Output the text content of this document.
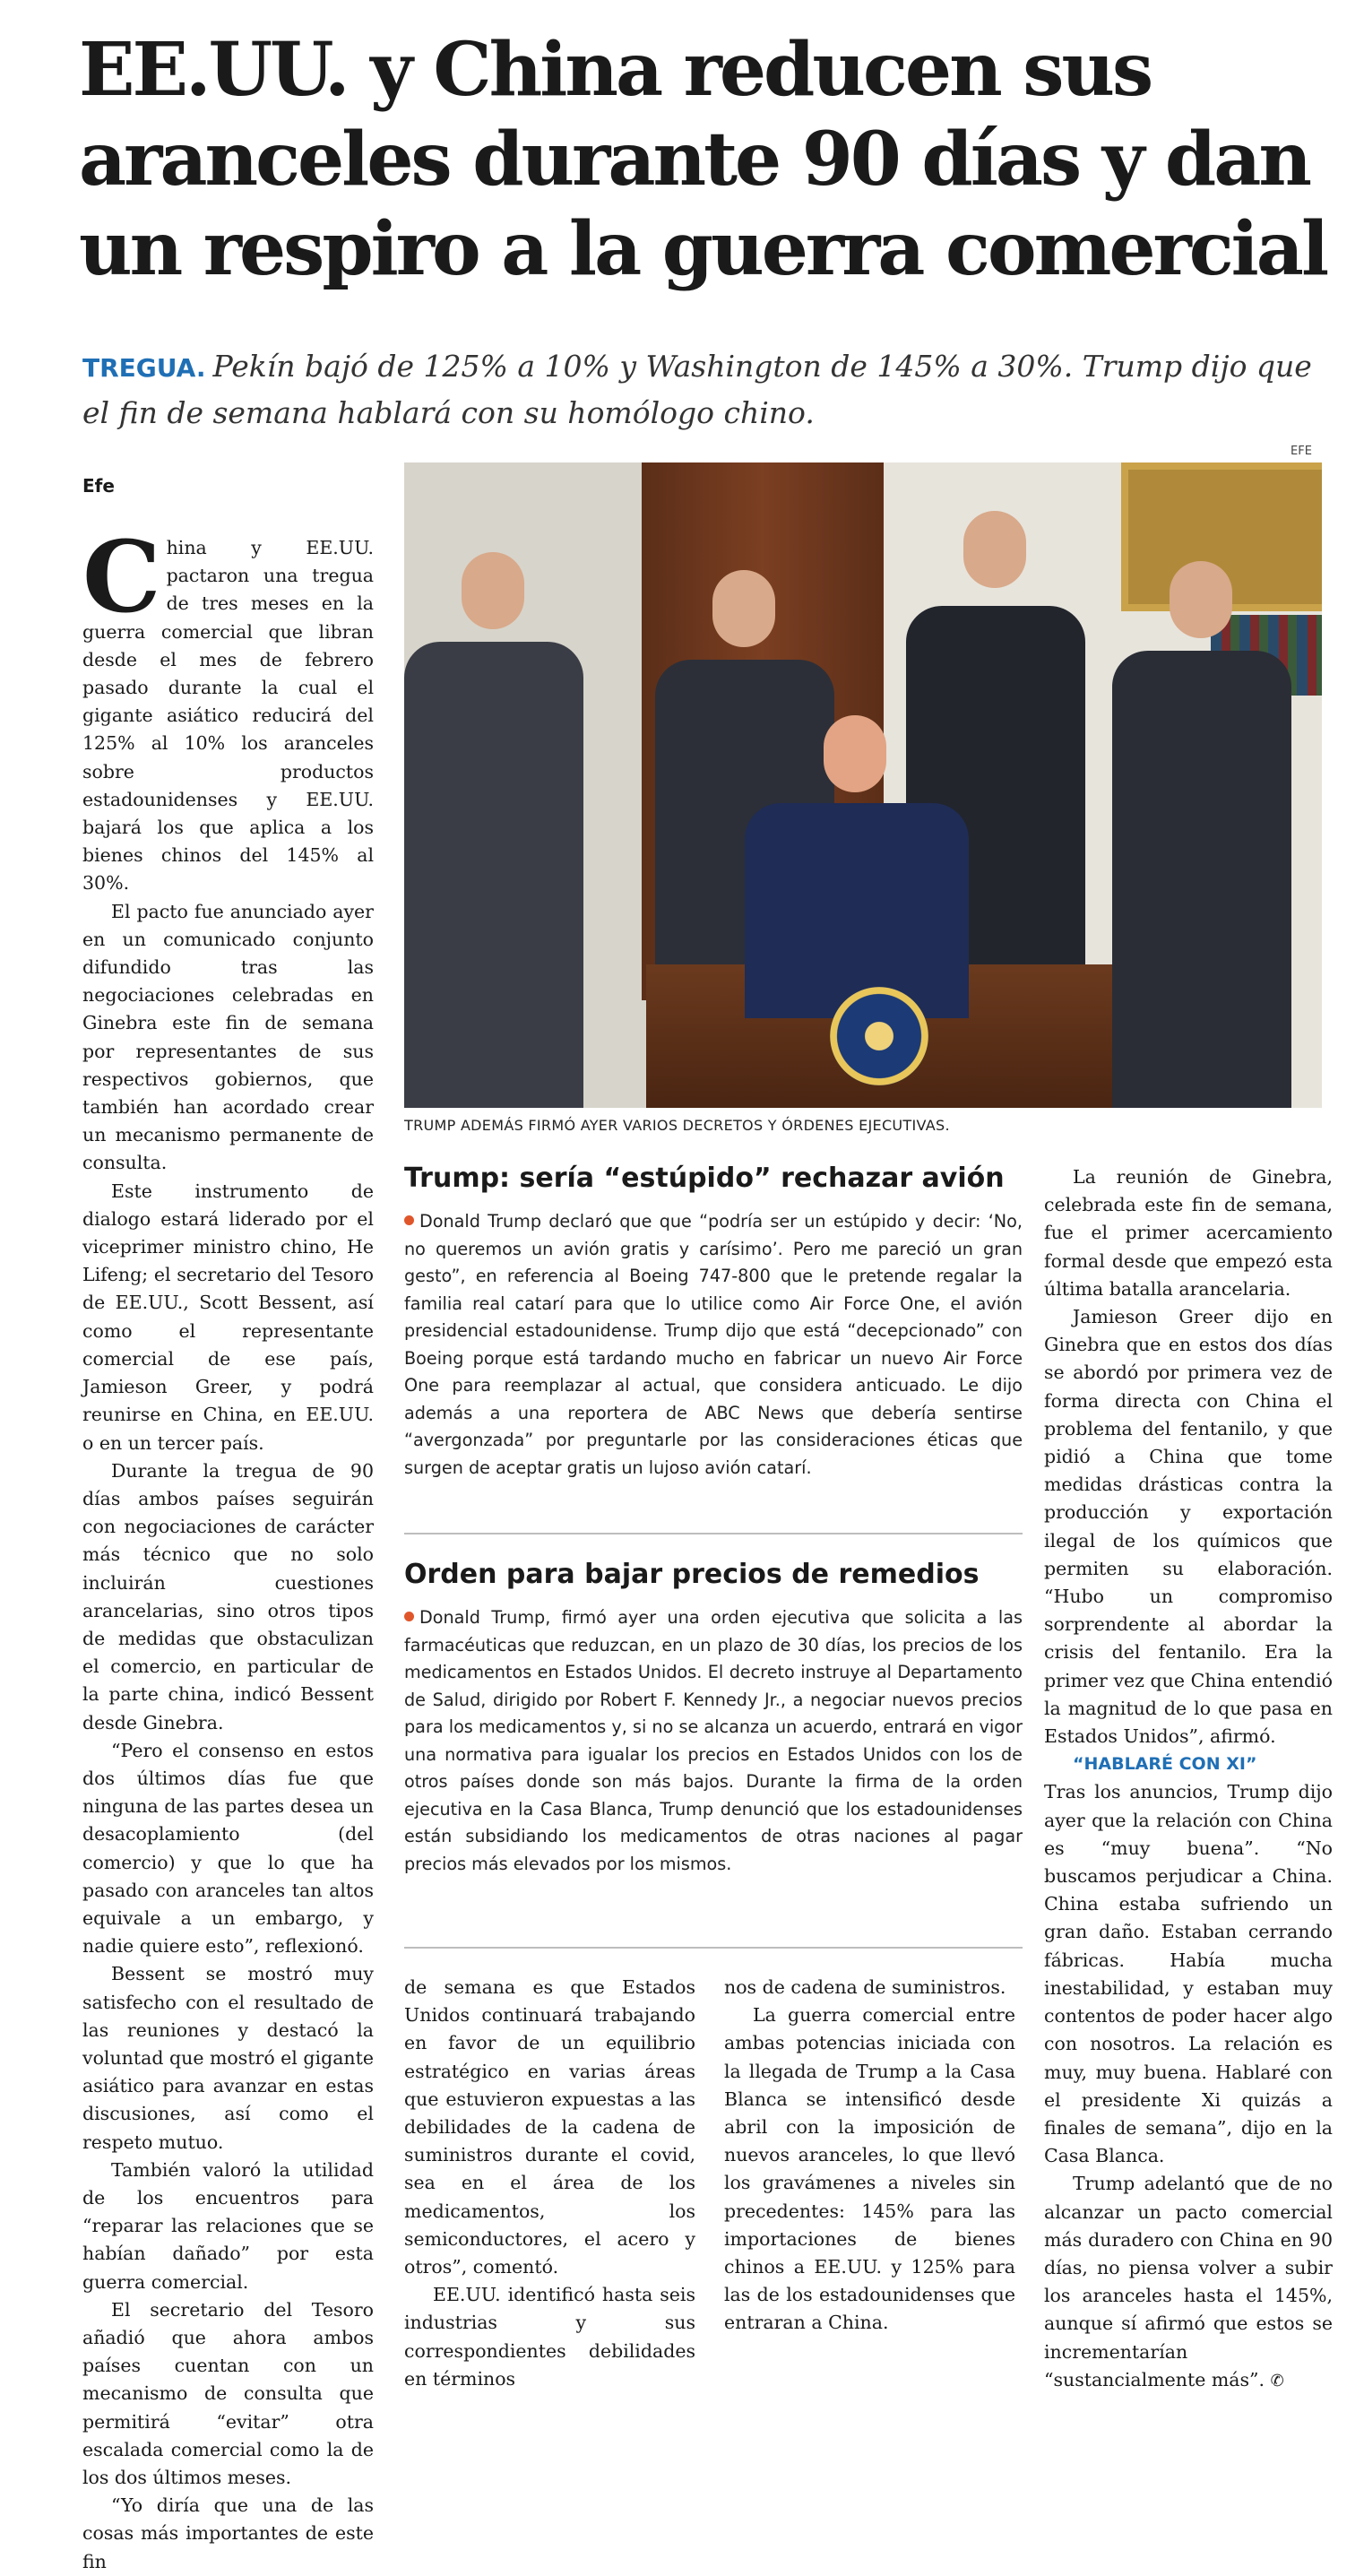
EE.UU. y China reducen sus
aranceles durante 90 días y dan
un respiro a la guerra comercial
TREGUA. Pekín bajó de 125% a 10% y Washington de 145% a 30%. Trump dijo que el fin de semana hablará con su homólogo chino.
Efe

China y EE.UU. pactaron una tregua de tres meses en la guerra comercial que libran desde el mes de febrero pasado durante la cual el gigante asiático reducirá del 125% al 10% los aranceles sobre productos estadounidenses y EE.UU. bajará los que aplica a los bienes chinos del 145% al 30%.

El pacto fue anunciado ayer en un comunicado conjunto difundido tras las negociaciones celebradas en Ginebra este fin de semana por representantes de sus respectivos gobiernos, que también han acordado crear un mecanismo permanente de consulta.

Este instrumento de dialogo estará liderado por el viceprimer ministro chino, He Lifeng; el secretario del Tesoro de EE.UU., Scott Bessent, así como el representante comercial de ese país, Jamieson Greer, y podrá reunirse en China, en EE.UU. o en un tercer país.

Durante la tregua de 90 días ambos países seguirán con negociaciones de carácter más técnico que no solo incluirán cuestiones arancelarias, sino otros tipos de medidas que obstaculizan el comercio, en particular de la parte china, indicó Bessent desde Ginebra.

“Pero el consenso en estos dos últimos días fue que ninguna de las partes desea un desacoplamiento (del comercio) y que lo que ha pasado con aranceles tan altos equivale a un embargo, y nadie quiere esto”, reflexionó.

Bessent se mostró muy satisfecho con el resultado de las reuniones y destacó la voluntad que mostró el gigante asiático para avanzar en estas discusiones, así como el respeto mutuo.

También valoró la utilidad de los encuentros para “reparar las relaciones que se habían dañado” por esta guerra comercial.

El secretario del Tesoro añadió que ahora ambos países cuentan con un mecanismo de consulta que permitirá “evitar” otra escalada comercial como la de los dos últimos meses.

“Yo diría que una de las cosas más importantes de este fin

EFE
TRUMP ADEMÁS FIRMÓ AYER VARIOS DECRETOS Y ÓRDENES EJECUTIVAS.
Trump: sería “estúpido” rechazar avión

Donald Trump declaró que que “podría ser un estúpido y decir: ‘No, no queremos un avión gratis y carísimo’. Pero me pareció un gran gesto”, en referencia al Boeing 747-800 que le pretende regalar la familia real catarí para que lo utilice como Air Force One, el avión presidencial estadounidense. Trump dijo que está “decepcionado” con Boeing porque está tardando mucho en fabricar un nuevo Air Force One para reemplazar al actual, que considera anticuado. Le dijo además a una reportera de ABC News que debería sentirse “avergonzada” por preguntarle por las consideraciones éticas que surgen de aceptar gratis un lujoso avión catarí.

Orden para bajar precios de remedios

Donald Trump, firmó ayer una orden ejecutiva que solicita a las farmacéuticas que reduzcan, en un plazo de 30 días, los precios de los medicamentos en Estados Unidos. El decreto instruye al Departamento de Salud, dirigido por Robert F. Kennedy Jr., a negociar nuevos precios para los medicamentos y, si no se alcanza un acuerdo, entrará en vigor una normativa para igualar los precios en Estados Unidos con los de otros países donde son más bajos. Durante la firma de la orden ejecutiva en la Casa Blanca, Trump denunció que los estadounidenses están subsidiando los medicamentos de otras naciones al pagar precios más elevados por los mismos.

de semana es que Estados Unidos continuará trabajando en favor de un equilibrio estratégico en varias áreas que estuvieron expuestas a las debilidades de la cadena de suministros durante el covid, sea en el área de los medicamentos, los semiconductores, el acero y otros”, comentó.

EE.UU. identificó hasta seis industrias y sus correspondientes debilidades en términos

nos de cadena de suministros.

La guerra comercial entre ambas potencias iniciada con la llegada de Trump a la Casa Blanca se intensificó desde abril con la imposición de nuevos aranceles, lo que llevó los gravámenes a niveles sin precedentes: 145% para las importaciones de bienes chinos a EE.UU. y 125% para las de los estadounidenses que entraran a China.

La reunión de Ginebra, celebrada este fin de semana, fue el primer acercamiento formal desde que empezó esta última batalla arancelaria.

Jamieson Greer dijo en Ginebra que en estos dos días se abordó por primera vez de forma directa con China el problema del fentanilo, y que pidió a China que tome medidas drásticas contra la producción y exportación ilegal de los químicos que permiten su elaboración. “Hubo un compromiso sorprendente al abordar la crisis del fentanilo. Era la primer vez que China entendió la magnitud de lo que pasa en Estados Unidos”, afirmó.

“HABLARÉ CON XI”

Tras los anuncios, Trump dijo ayer que la relación con China es “muy buena”. “No buscamos perjudicar a China. China estaba sufriendo un gran daño. Estaban cerrando fábricas. Había mucha inestabilidad, y estaban muy contentos de poder hacer algo con nosotros. La relación es muy, muy buena. Hablaré con el presidente Xi quizás a finales de semana”, dijo en la Casa Blanca.

Trump adelantó que de no alcanzar un pacto comercial más duradero con China en 90 días, no piensa volver a subir los aranceles hasta el 145%, aunque sí afirmó que estos se incrementarían “sustancialmente más”. ✆
